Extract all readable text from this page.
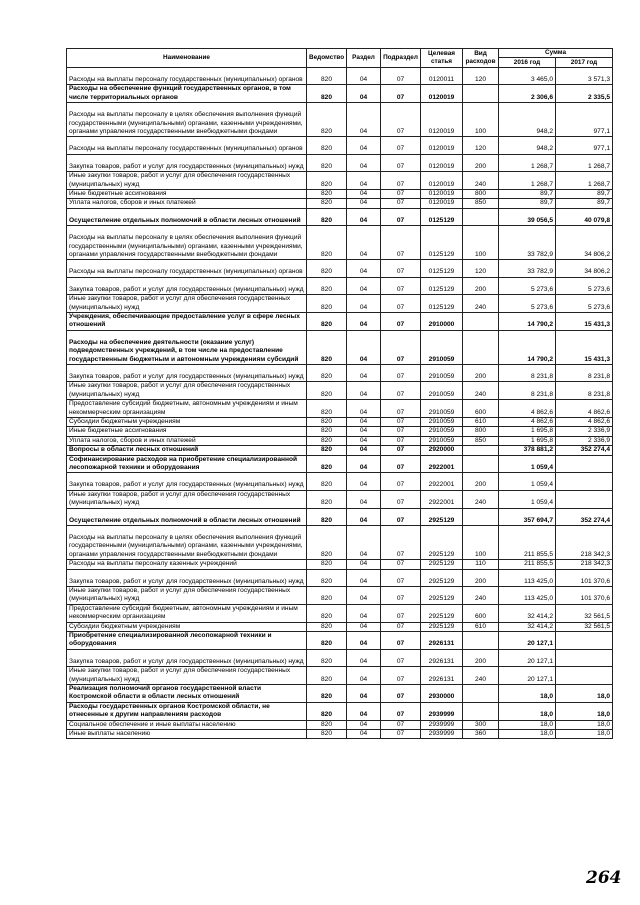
Наименование	Ведомство	Раздел	Подраздел	Целевая статья	Вид расходов	Сумма	
						2016 год	2017 год
Расходы на выплаты персоналу государственных (муниципальных) органов	820	04	07	0120011	120	3 465,0	3 571,3
Расходы на обеспечение функций государственных органов, в том числе территориальных органов	820	04	07	0120019		2 306,6	2 335,5
Расходы на выплаты персоналу в целях обеспечения выполнения функций государственными (муниципальными) органами, казенными учреждениями, органами управления государственными внебюджетными фондами	820	04	07	0120019	100	948,2	977,1
Расходы на выплаты персоналу государственных (муниципальных) органов	820	04	07	0120019	120	948,2	977,1
Закупка товаров, работ и услуг для государственных (муниципальных) нужд	820	04	07	0120019	200	1 268,7	1 268,7
Иные закупки товаров, работ и услуг для обеспечения государственных (муниципальных) нужд	820	04	07	0120019	240	1 268,7	1 268,7
Иные бюджетные ассигнования	820	04	07	0120019	800	89,7	89,7
Уплата налогов, сборов и иных платежей	820	04	07	0120019	850	89,7	89,7
Осуществление отдельных полномочий в области лесных отношений	820	04	07	0125129		39 056,5	40 079,8
Расходы на выплаты персоналу в целях обеспечения выполнения функций государственными (муниципальными) органами, казенными учреждениями, органами управления государственными внебюджетными фондами	820	04	07	0125129	100	33 782,9	34 806,2
Расходы на выплаты персоналу государственных (муниципальных) органов	820	04	07	0125129	120	33 782,9	34 806,2
Закупка товаров, работ и услуг для государственных (муниципальных) нужд	820	04	07	0125129	200	5 273,6	5 273,6
Иные закупки товаров, работ и услуг для обеспечения государственных (муниципальных) нужд	820	04	07	0125129	240	5 273,6	5 273,6
Учреждения, обеспечивающие предоставление услуг в сфере лесных отношений	820	04	07	2910000		14 790,2	15 431,3
Расходы на обеспечение деятельности (оказание услуг) подведомственных учреждений, в том числе на предоставление государственным бюджетным и автономным учреждениям субсидий	820	04	07	2910059		14 790,2	15 431,3
Закупка товаров, работ и услуг для государственных (муниципальных) нужд	820	04	07	2910059	200	8 231,8	8 231,8
Иные закупки товаров, работ и услуг для обеспечения государственных (муниципальных) нужд	820	04	07	2910059	240	8 231,8	8 231,8
Предоставление субсидий бюджетным, автономным учреждениям и иным некоммерческим организациям	820	04	07	2910059	600	4 862,6	4 862,6
Субсидии бюджетным учреждениям	820	04	07	2910059	610	4 862,6	4 862,6
Иные бюджетные ассигнования	820	04	07	2910059	800	1 695,8	2 336,9
Уплата налогов, сборов и иных платежей	820	04	07	2910059	850	1 695,8	2 336,9
Вопросы в области лесных отношений	820	04	07	2920000		378 881,2	352 274,4
Софинансирование расходов на приобретение специализированной лесопожарной техники и оборудования	820	04	07	2922001		1 059,4	
Закупка товаров, работ и услуг для государственных (муниципальных) нужд	820	04	07	2922001	200	1 059,4	
Иные закупки товаров, работ и услуг для обеспечения государственных (муниципальных) нужд	820	04	07	2922001	240	1 059,4	
Осуществление отдельных полномочий в области лесных отношений	820	04	07	2925129		357 694,7	352 274,4
Расходы на выплаты персоналу в целях обеспечения выполнения функций государственными (муниципальными) органами, казенными учреждениями, органами управления государственными внебюджетными фондами	820	04	07	2925129	100	211 855,5	218 342,3
Расходы на выплаты персоналу казенных учреждений	820	04	07	2925129	110	211 855,5	218 342,3
Закупка товаров, работ и услуг для государственных (муниципальных) нужд	820	04	07	2925129	200	113 425,0	101 370,6
Иные закупки товаров, работ и услуг для обеспечения государственных (муниципальных) нужд	820	04	07	2925129	240	113 425,0	101 370,6
Предоставление субсидий бюджетным, автономным учреждениям и иным некоммерческим организациям	820	04	07	2925129	600	32 414,2	32 561,5
Субсидии бюджетным учреждениям	820	04	07	2925129	610	32 414,2	32 561,5
Приобретение специализированной лесопожарной техники и оборудования	820	04	07	2926131		20 127,1	
Закупка товаров, работ и услуг для государственных (муниципальных) нужд	820	04	07	2926131	200	20 127,1	
Иные закупки товаров, работ и услуг для обеспечения государственных (муниципальных) нужд	820	04	07	2926131	240	20 127,1	
Реализация полномочий органов государственной власти Костромской области в области лесных отношений	820	04	07	2930000		18,0	18,0
Расходы государственных органов Костромской области, не отнесенные к другим направлениям расходов	820	04	07	2939999		18,0	18,0
Социальное обеспечение и иные выплаты населению	820	04	07	2939999	300	18,0	18,0
Иные выплаты населению	820	04	07	2939999	360	18,0	18,0
264
